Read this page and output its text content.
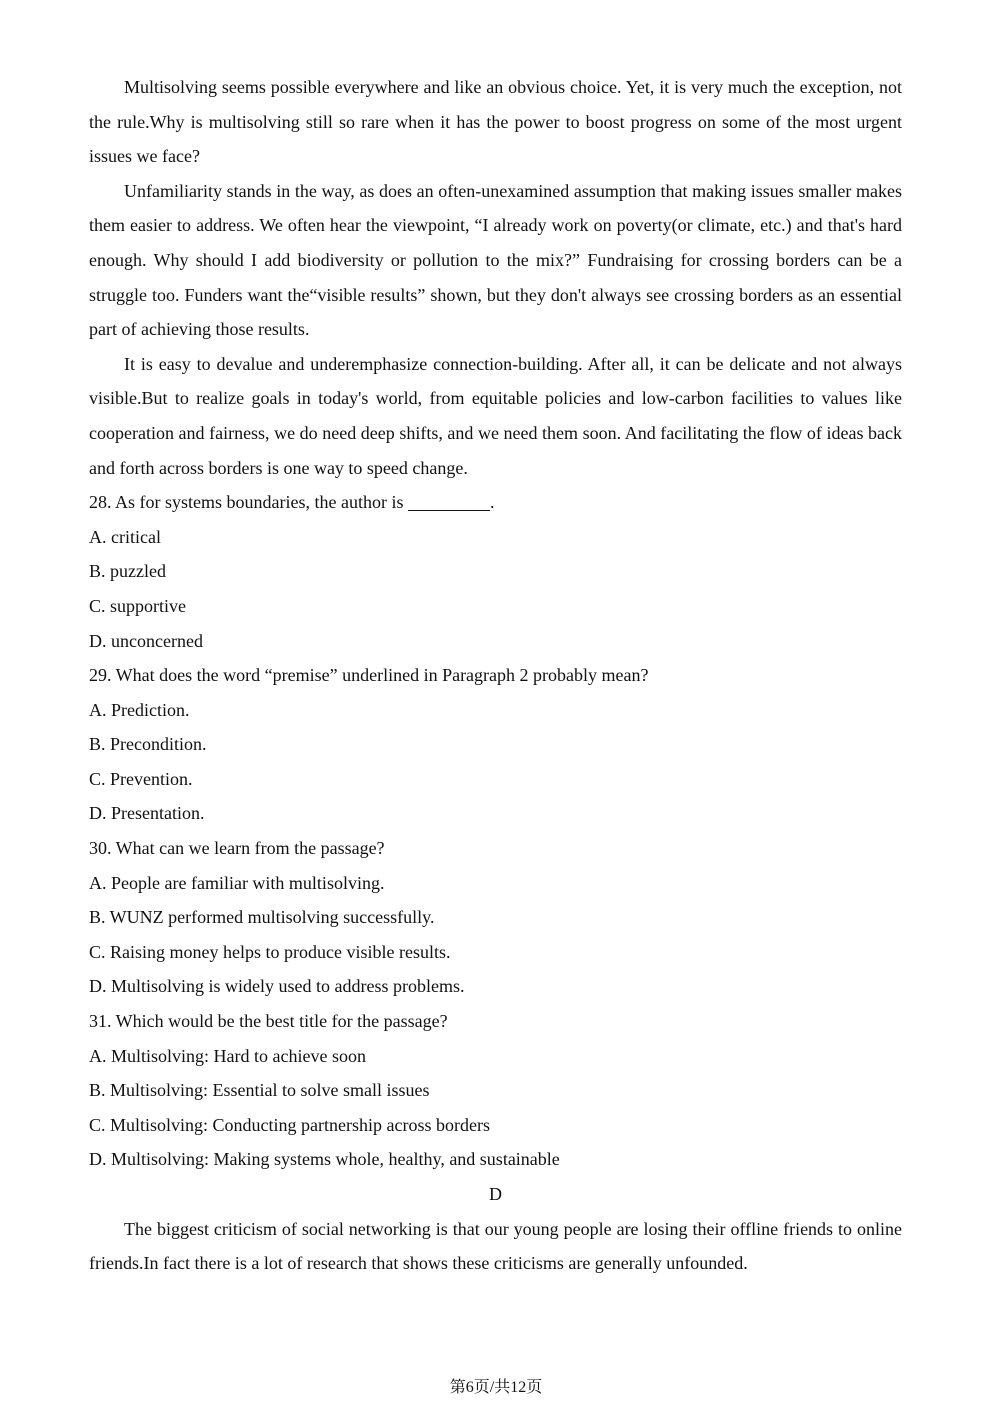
Multisolving seems possible everywhere and like an obvious choice. Yet, it is very much the exception, not the rule.Why is multisolving still so rare when it has the power to boost progress on some of the most urgent issues we face?

Unfamiliarity stands in the way, as does an often-unexamined assumption that making issues smaller makes them easier to address. We often hear the viewpoint, “I already work on poverty(or climate, etc.) and that's hard enough. Why should I add biodiversity or pollution to the mix?” Fundraising for crossing borders can be a struggle too. Funders want the“visible results” shown, but they don't always see crossing borders as an essential part of achieving those results.

It is easy to devalue and underemphasize connection-building. After all, it can be delicate and not always visible.But to realize goals in today's world, from equitable policies and low-carbon facilities to values like cooperation and fairness, we do need deep shifts, and we need them soon. And facilitating the flow of ideas back and forth across borders is one way to speed change.

28. As for systems boundaries, the author is	.

A. critical

B. puzzled

C. supportive

D. unconcerned

29. What does the word “premise” underlined in Paragraph 2 probably mean?

A. Prediction.

B. Precondition.

C. Prevention.

D. Presentation.

30. What can we learn from the passage?

A. People are familiar with multisolving.

B. WUNZ performed multisolving successfully.

C. Raising money helps to produce visible results.

D. Multisolving is widely used to address problems.

31. Which would be the best title for the passage?

A. Multisolving: Hard to achieve soon

B. Multisolving: Essential to solve small issues

C. Multisolving: Conducting partnership across borders

D. Multisolving: Making systems whole, healthy, and sustainable

D

The biggest criticism of social networking is that our young people are losing their offline friends to online friends.In fact there is a lot of research that shows these criticisms are generally unfounded.

第6页/共12页
